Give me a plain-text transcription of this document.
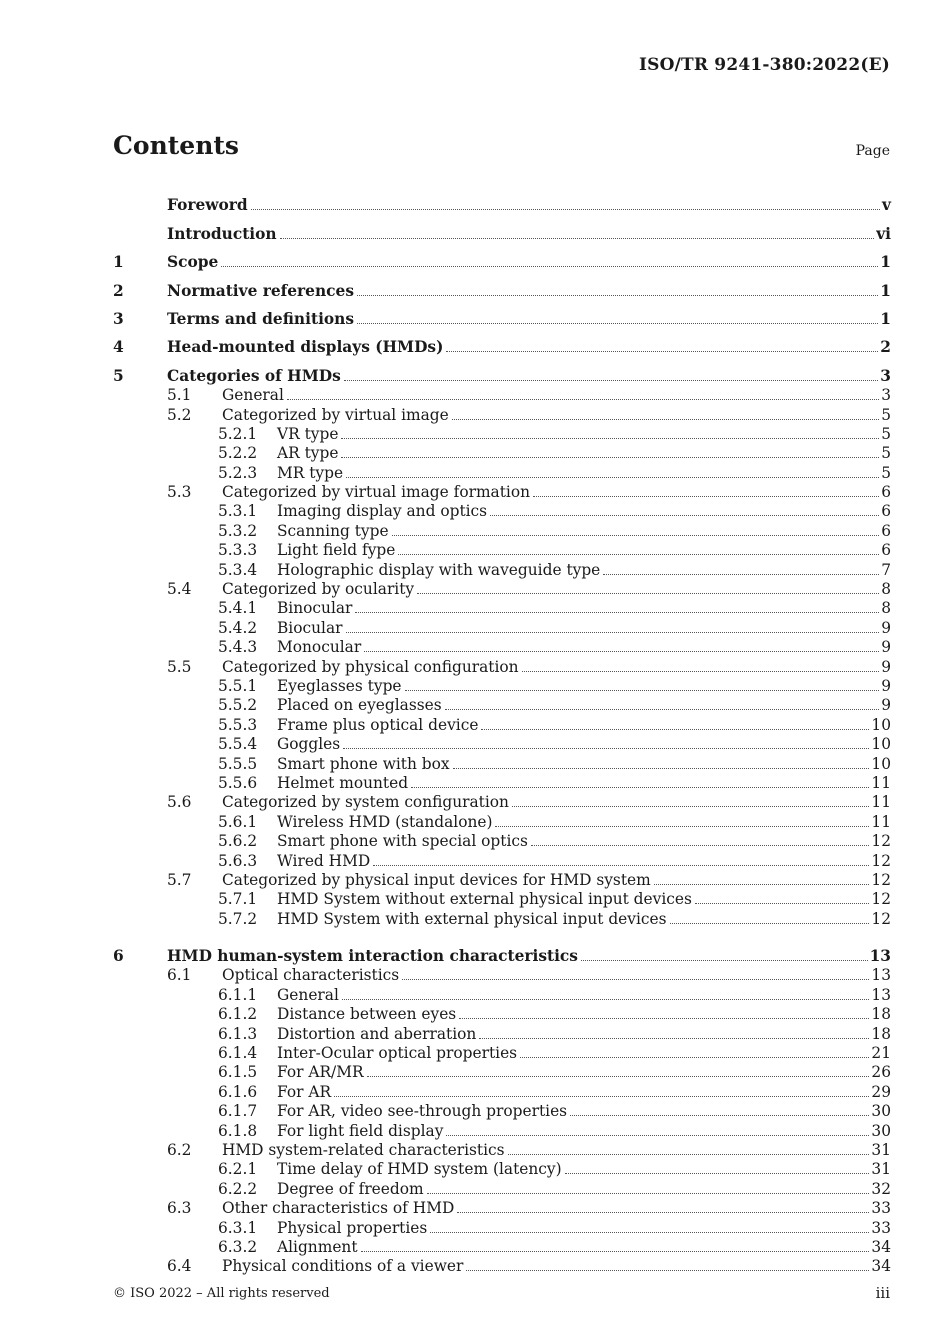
ISO/TR 9241-380:2022(E)
Contents	Page
Foreword	v
Introduction	vi
1	Scope	1
2	Normative references	1
3	Terms and definitions	1
4	Head-mounted displays (HMDs)	2
5	Categories of HMDs	3
5.1	General	3
5.2	Categorized by virtual image	5
5.2.1	VR type	5
5.2.2	AR type	5
5.2.3	MR type	5
5.3	Categorized by virtual image formation	6
5.3.1	Imaging display and optics	6
5.3.2	Scanning type	6
5.3.3	Light field fype	6
5.3.4	Holographic display with waveguide type	7
5.4	Categorized by ocularity	8
5.4.1	Binocular	8
5.4.2	Biocular	9
5.4.3	Monocular	9
5.5	Categorized by physical configuration	9
5.5.1	Eyeglasses type	9
5.5.2	Placed on eyeglasses	9
5.5.3	Frame plus optical device	10
5.5.4	Goggles	10
5.5.5	Smart phone with box	10
5.5.6	Helmet mounted	11
5.6	Categorized by system configuration	11
5.6.1	Wireless HMD (standalone)	11
5.6.2	Smart phone with special optics	12
5.6.3	Wired HMD	12
5.7	Categorized by physical input devices for HMD system	12
5.7.1	HMD System without external physical input devices	12
5.7.2	HMD System with external physical input devices	12
6	HMD human-system interaction characteristics	13
6.1	Optical characteristics	13
6.1.1	General	13
6.1.2	Distance between eyes	18
6.1.3	Distortion and aberration	18
6.1.4	Inter-Ocular optical properties	21
6.1.5	For AR/MR	26
6.1.6	For AR	29
6.1.7	For AR, video see-through properties	30
6.1.8	For light field display	30
6.2	HMD system-related characteristics	31
6.2.1	Time delay of HMD system (latency)	31
6.2.2	Degree of freedom	32
6.3	Other characteristics of HMD	33
6.3.1	Physical properties	33
6.3.2	Alignment	34
6.4	Physical conditions of a viewer	34
© ISO 2022 – All rights reserved	iii
